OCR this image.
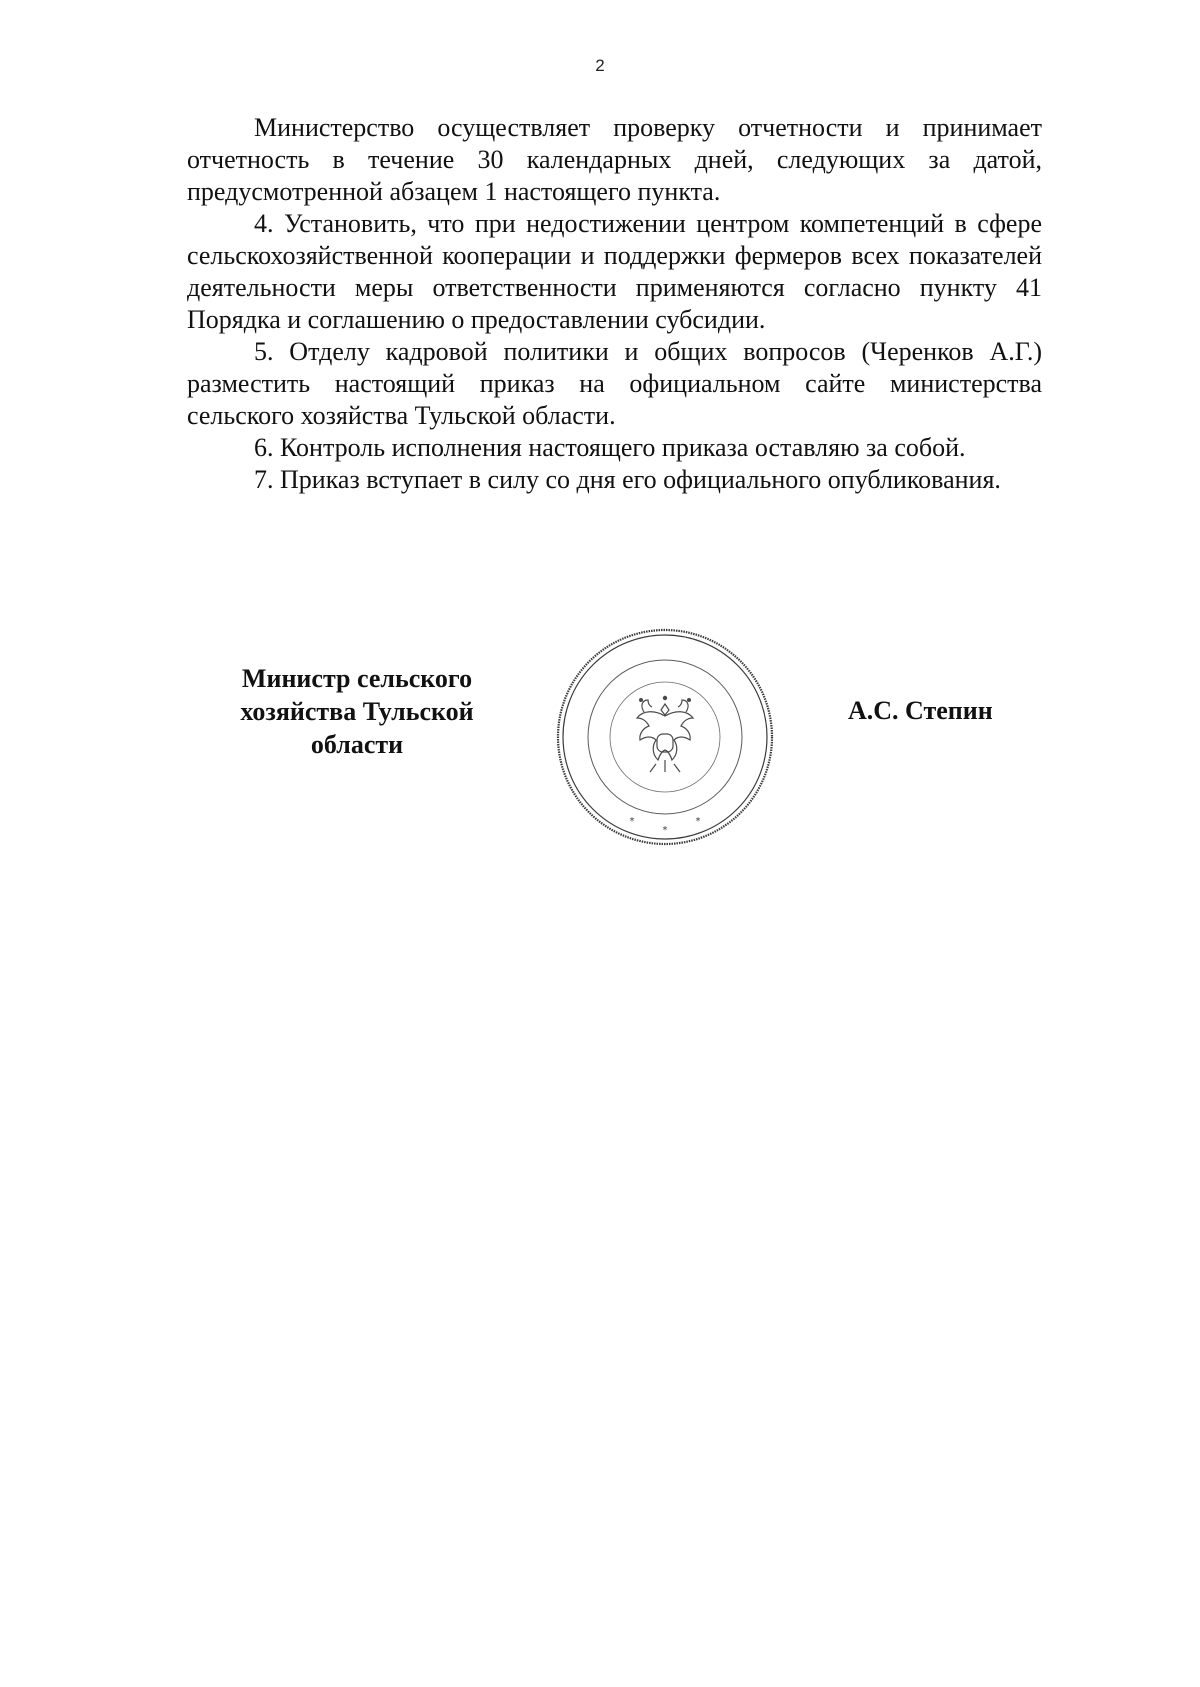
2

Министерство осуществляет проверку отчетности и принимает отчетность в течение 30 календарных дней, следующих за датой, предусмотренной абзацем 1 настоящего пункта.

4. Установить, что при недостижении центром компетенций в сфере сельскохозяйственной кооперации и поддержки фермеров всех показателей деятельности меры ответственности применяются согласно пункту 41 Порядка и соглашению о предоставлении субсидии.

5. Отделу кадровой политики и общих вопросов (Черенков А.Г.) разместить настоящий приказ на официальном сайте министерства сельского хозяйства Тульской области.

6. Контроль исполнения настоящего приказа оставляю за собой.

7. Приказ вступает в силу со дня его официального опубликования.

Министр сельского
хозяйства Тульской
области
*
*
*
А.С. Степин
